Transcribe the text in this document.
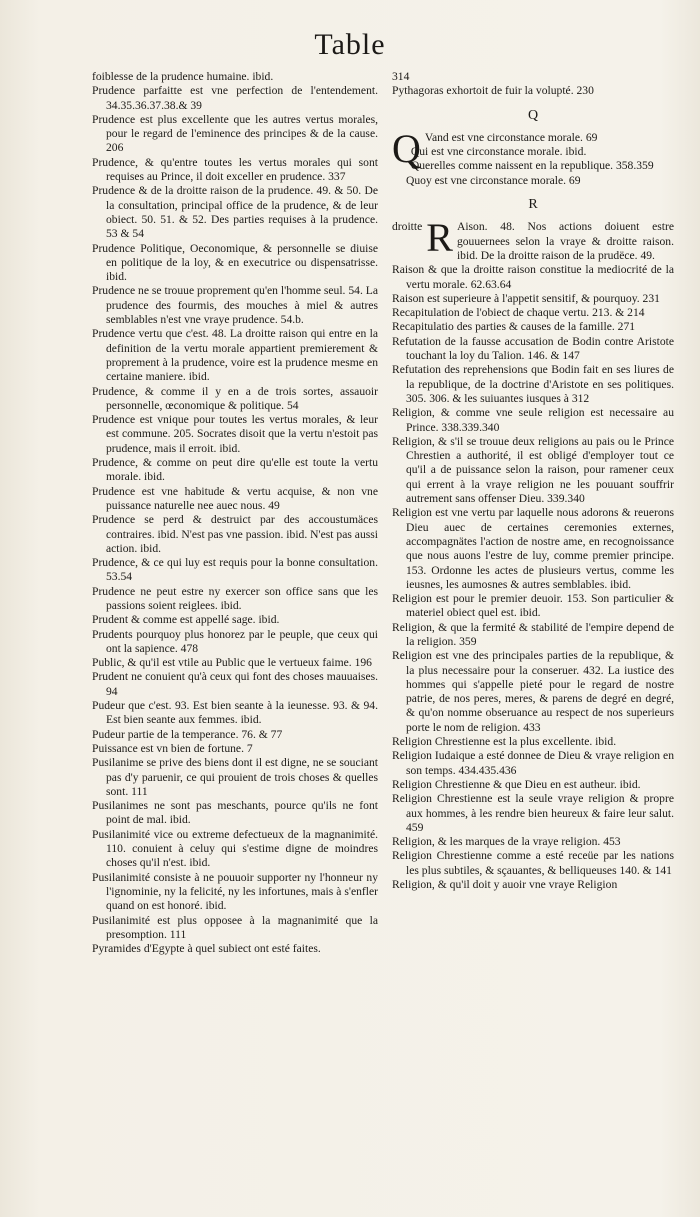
Table

foiblesse de la prudence humaine. ibid.

Prudence parfaitte est vne perfection de l'entendement. 34.35.36.37.38.& 39

Prudence est plus excellente que les autres vertus morales, pour le regard de l'eminence des principes & de la cause. 206

Prudence, & qu'entre toutes les vertus morales qui sont requises au Prince, il doit exceller en prudence. 337

Prudence & de la droitte raison de la prudence. 49. & 50. De la consultation, principal office de la prudence, & de leur obiect. 50. 51. & 52. Des parties requises à la prudence. 53 & 54

Prudence Politique, Oeconomique, & personnelle se diuise en politique de la loy, & en executrice ou dispensatrisse. ibid.

Prudence ne se trouue proprement qu'en l'homme seul. 54. La prudence des fourmis, des mouches à miel & autres semblables n'est vne vraye prudence. 54.b.

Prudence vertu que c'est. 48. La droitte raison qui entre en la definition de la vertu morale appartient premierement & proprement à la prudence, voire est la prudence mesme en certaine maniere. ibid.

Prudence, & comme il y en a de trois sortes, assauoir personnelle, œconomique & politique. 54

Prudence est vnique pour toutes les vertus morales, & leur est commune. 205. Socrates disoit que la vertu n'estoit pas prudence, mais il erroit. ibid.

Prudence, & comme on peut dire qu'elle est toute la vertu morale. ibid.

Prudence est vne habitude & vertu acquise, & non vne puissance naturelle nee auec nous. 49

Prudence se perd & destruict par des accoustumäces contraires. ibid. N'est pas vne passion. ibid. N'est pas aussi action. ibid.

Prudence, & ce qui luy est requis pour la bonne consultation. 53.54

Prudence ne peut estre ny exercer son office sans que les passions soient reiglees. ibid.

Prudent & comme est appellé sage. ibid.

Prudents pourquoy plus honorez par le peuple, que ceux qui ont la sapience. 478

Public, & qu'il est vtile au Public que le vertueux faime. 196

Prudent ne conuient qu'à ceux qui font des choses mauuaises. 94

Pudeur que c'est. 93. Est bien seante à la ieunesse. 93. & 94. Est bien seante aux femmes. ibid.

Pudeur partie de la temperance. 76. & 77

Puissance est vn bien de fortune. 7

Pusilanime se prive des biens dont il est digne, ne se souciant pas d'y paruenir, ce qui prouient de trois choses & quelles sont. 111

Pusilanimes ne sont pas meschants, pource qu'ils ne font point de mal. ibid.

Pusilanimité vice ou extreme defectueux de la magnanimité. 110. conuient à celuy qui s'estime digne de moindres choses qu'il n'est. ibid.

Pusilanimité consiste à ne pouuoir supporter ny l'honneur ny l'ignominie, ny la felicité, ny les infortunes, mais à s'enfler quand on est honoré. ibid.

Pusilanimité est plus opposee à la magnanimité que la presomption. 111

Pyramides d'Egypte à quel subiect ont esté faites.

314

Pythagoras exhortoit de fuir la volupté. 230

Q
Q Vand est vne circonstance morale. 69

Qui est vne circonstance morale. ibid.

Querelles comme naissent en la republique. 358.359

Quoy est vne circonstance morale. 69

R
droitte R Aison. 48. Nos actions doiuent estre gouuernees selon la vraye & droitte raison. ibid. De la droitte raison de la prudëce. 49.

Raison & que la droitte raison constitue la mediocrité de la vertu morale. 62.63.64

Raison est superieure à l'appetit sensitif, & pourquoy. 231

Recapitulation de l'obiect de chaque vertu. 213. & 214

Recapitulatio des parties & causes de la famille. 271

Refutation de la fausse accusation de Bodin contre Aristote touchant la loy du Talion. 146. & 147

Refutation des reprehensions que Bodin fait en ses liures de la republique, de la doctrine d'Aristote en ses politiques. 305. 306. & les suiuantes iusques à 312

Religion, & comme vne seule religion est necessaire au Prince. 338.339.340

Religion, & s'il se trouue deux religions au pais ou le Prince Chrestien a authorité, il est obligé d'employer tout ce qu'il a de puissance selon la raison, pour ramener ceux qui errent à la vraye religion ne les pouuant souffrir autrement sans offenser Dieu. 339.340

Religion est vne vertu par laquelle nous adorons & reuerons Dieu auec de certaines ceremonies externes, accompagnätes l'action de nostre ame, en recognoissance que nous auons l'estre de luy, comme premier principe. 153. Ordonne les actes de plusieurs vertus, comme les ieusnes, les aumosnes & autres semblables. ibid.

Religion est pour le premier deuoir. 153. Son particulier & materiel obiect quel est. ibid.

Religion, & que la fermité & stabilité de l'empire depend de la religion. 359

Religion est vne des principales parties de la republique, & la plus necessaire pour la conseruer. 432. La iustice des hommes qui s'appelle pieté pour le regard de nostre patrie, de nos peres, meres, & parens de degré en degré, & qu'on nomme obseruance au respect de nos superieurs porte le nom de religion. 433

Religion Chrestienne est la plus excellente. ibid.

Religion Iudaique a esté donnee de Dieu & vraye religion en son temps. 434.435.436

Religion Chrestienne & que Dieu en est autheur. ibid.

Religion Chrestienne est la seule vraye religion & propre aux hommes, à les rendre bien heureux & faire leur salut. 459

Religion, & les marques de la vraye religion. 453

Religion Chrestienne comme a esté receüe par les nations les plus subtiles, & sçauantes, & belliqueuses 140. & 141

Religion, & qu'il doit y auoir vne vraye Religion
